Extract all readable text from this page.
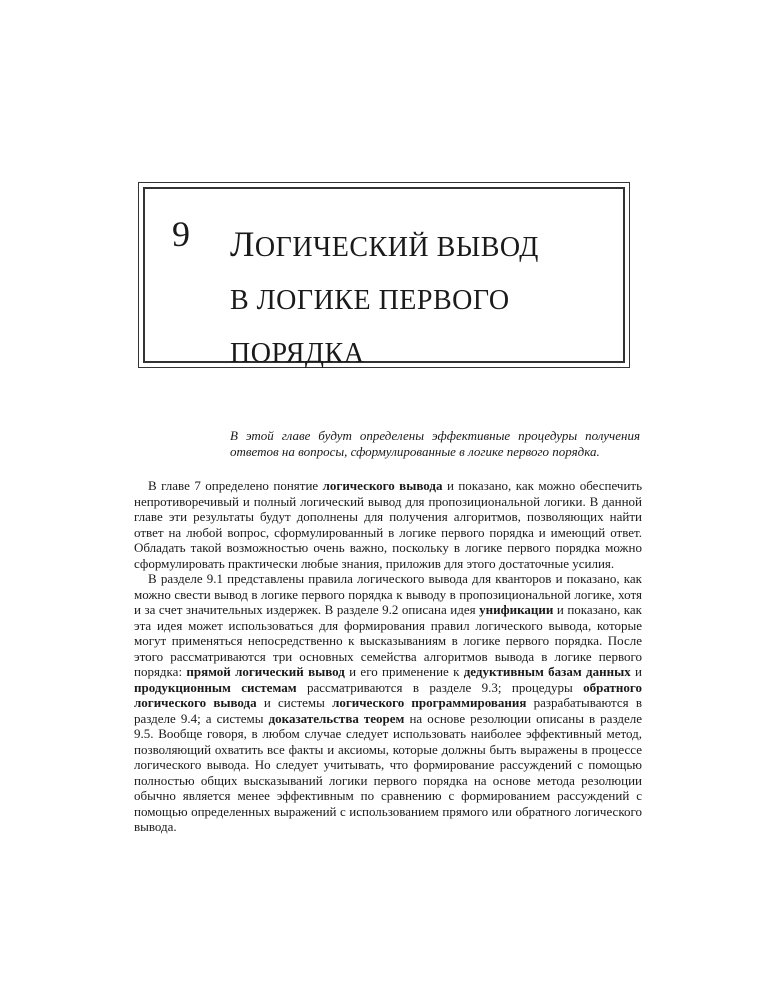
9 ЛОГИЧЕСКИЙ ВЫВОД
В ЛОГИКЕ ПЕРВОГО
ПОРЯДКА

В этой главе будут определены эффективные процедуры получения ответов на вопросы, сформулированные в логике первого порядка.

В главе 7 определено понятие логического вывода и показано, как можно обеспечить непротиворечивый и полный логический вывод для пропозициональной логики. В данной главе эти результаты будут дополнены для получения алгоритмов, позволяющих найти ответ на любой вопрос, сформулированный в логике первого порядка и имеющий ответ. Обладать такой возможностью очень важно, поскольку в логике первого порядка можно сформулировать практически любые знания, приложив для этого достаточные усилия.

В разделе 9.1 представлены правила логического вывода для кванторов и показано, как можно свести вывод в логике первого порядка к выводу в пропозициональной логике, хотя и за счет значительных издержек. В разделе 9.2 описана идея унификации и показано, как эта идея может использоваться для формирования правил логического вывода, которые могут применяться непосредственно к высказываниям в логике первого порядка. После этого рассматриваются три основных семейства алгоритмов вывода в логике первого порядка: прямой логический вывод и его применение к дедуктивным базам данных и продукционным системам рассматриваются в разделе 9.3; процедуры обратного логического вывода и системы логического программирования разрабатываются в разделе 9.4; а системы доказательства теорем на основе резолюции описаны в разделе 9.5. Вообще говоря, в любом случае следует использовать наиболее эффективный метод, позволяющий охватить все факты и аксиомы, которые должны быть выражены в процессе логического вывода. Но следует учитывать, что формирование рассуждений с помощью полностью общих высказываний логики первого порядка на основе метода резолюции обычно является менее эффективным по сравнению с формированием рассуждений с помощью определенных выражений с использованием прямого или обратного логического вывода.
